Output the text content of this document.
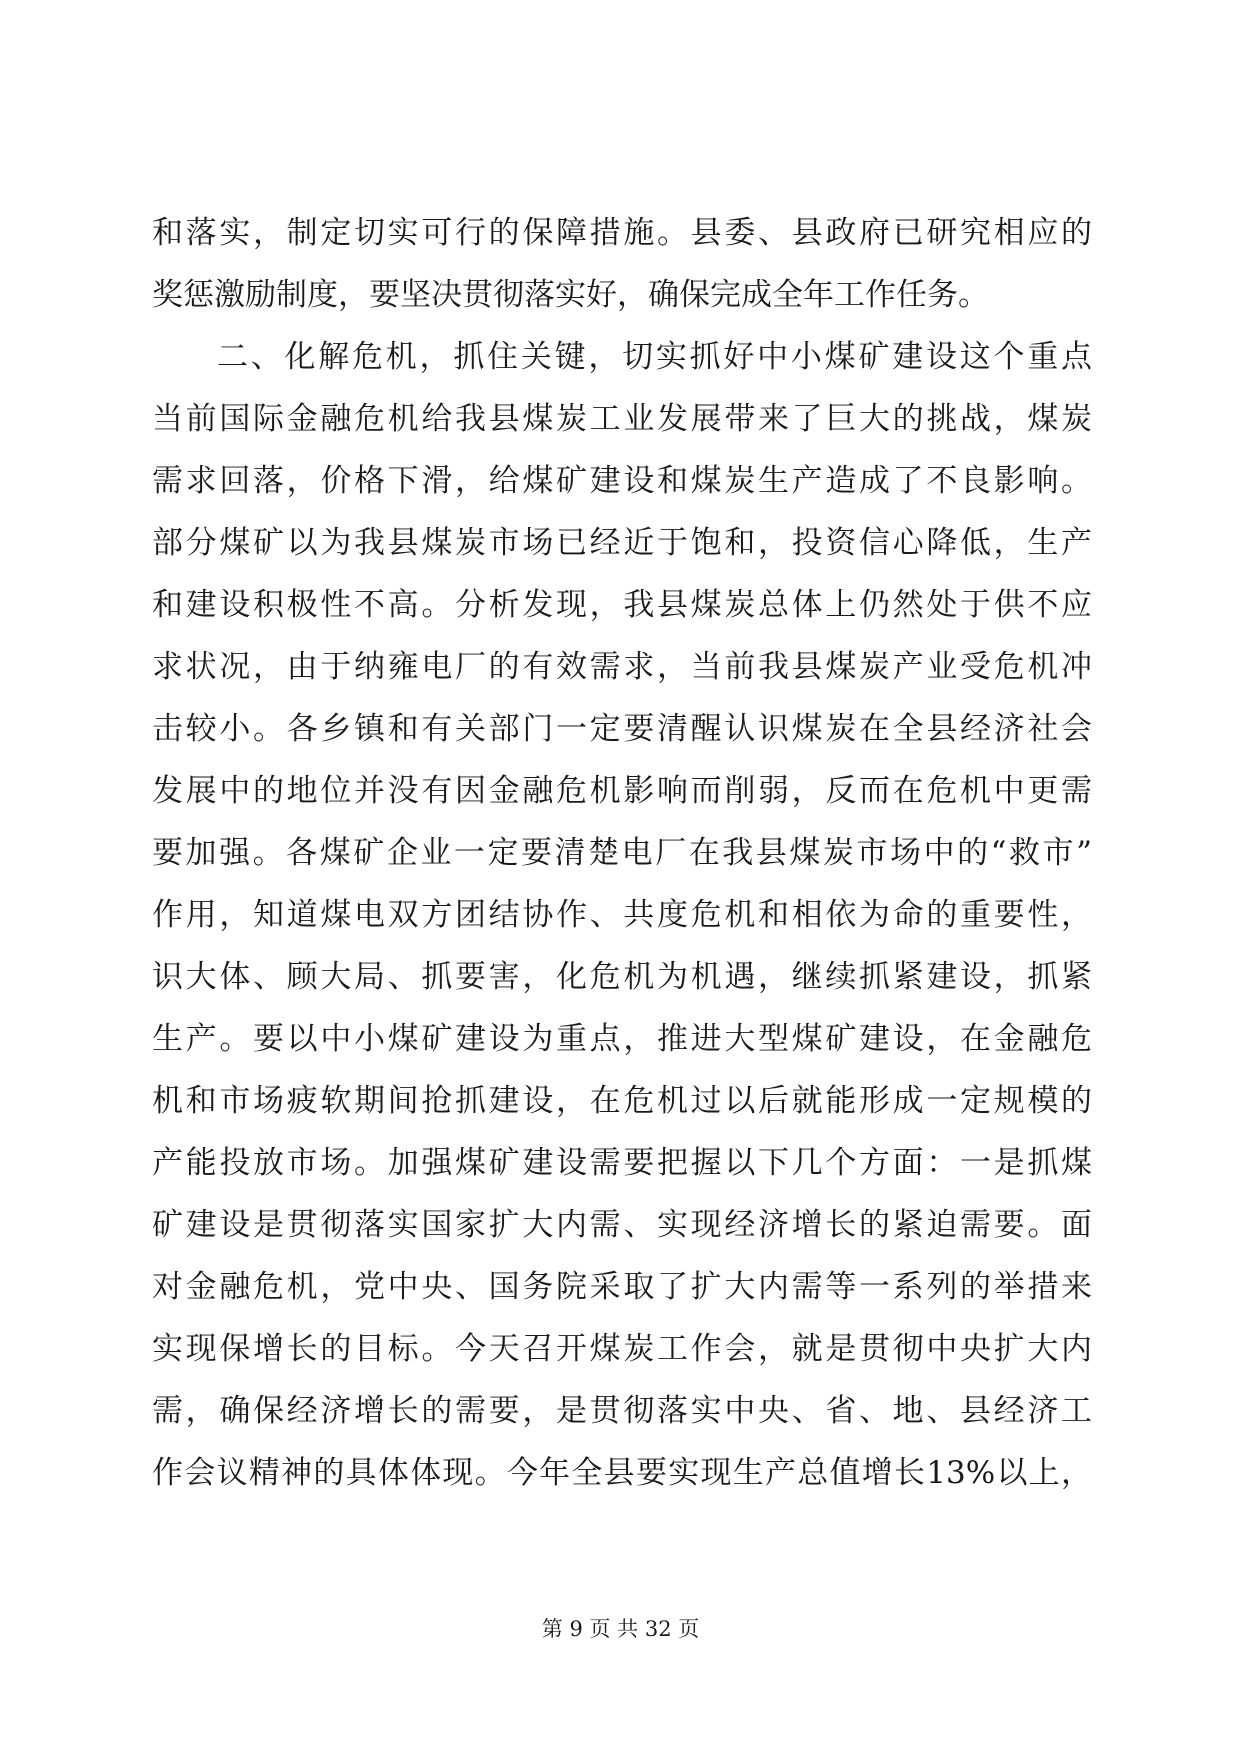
和落实，制定切实可行的保障措施。县委、县政府已研究相应的
奖惩激励制度，要坚决贯彻落实好，确保完成全年工作任务。
二、化解危机，抓住关键，切实抓好中小煤矿建设这个重点
当前国际金融危机给我县煤炭工业发展带来了巨大的挑战，煤炭
需求回落，价格下滑，给煤矿建设和煤炭生产造成了不良影响。
部分煤矿以为我县煤炭市场已经近于饱和，投资信心降低，生产
和建设积极性不高。分析发现，我县煤炭总体上仍然处于供不应
求状况，由于纳雍电厂的有效需求，当前我县煤炭产业受危机冲
击较小。各乡镇和有关部门一定要清醒认识煤炭在全县经济社会
发展中的地位并没有因金融危机影响而削弱，反而在危机中更需
要加强。各煤矿企业一定要清楚电厂在我县煤炭市场中的“救市”
作用，知道煤电双方团结协作、共度危机和相依为命的重要性，
识大体、顾大局、抓要害，化危机为机遇，继续抓紧建设，抓紧
生产。要以中小煤矿建设为重点，推进大型煤矿建设，在金融危
机和市场疲软期间抢抓建设，在危机过以后就能形成一定规模的
产能投放市场。加强煤矿建设需要把握以下几个方面：一是抓煤
矿建设是贯彻落实国家扩大内需、实现经济增长的紧迫需要。面
对金融危机，党中央、国务院采取了扩大内需等一系列的举措来
实现保增长的目标。今天召开煤炭工作会，就是贯彻中央扩大内
需，确保经济增长的需要，是贯彻落实中央、省、地、县经济工
作会议精神的具体体现。今年全县要实现生产总值增长13%以上，
第 9 页 共 32 页
